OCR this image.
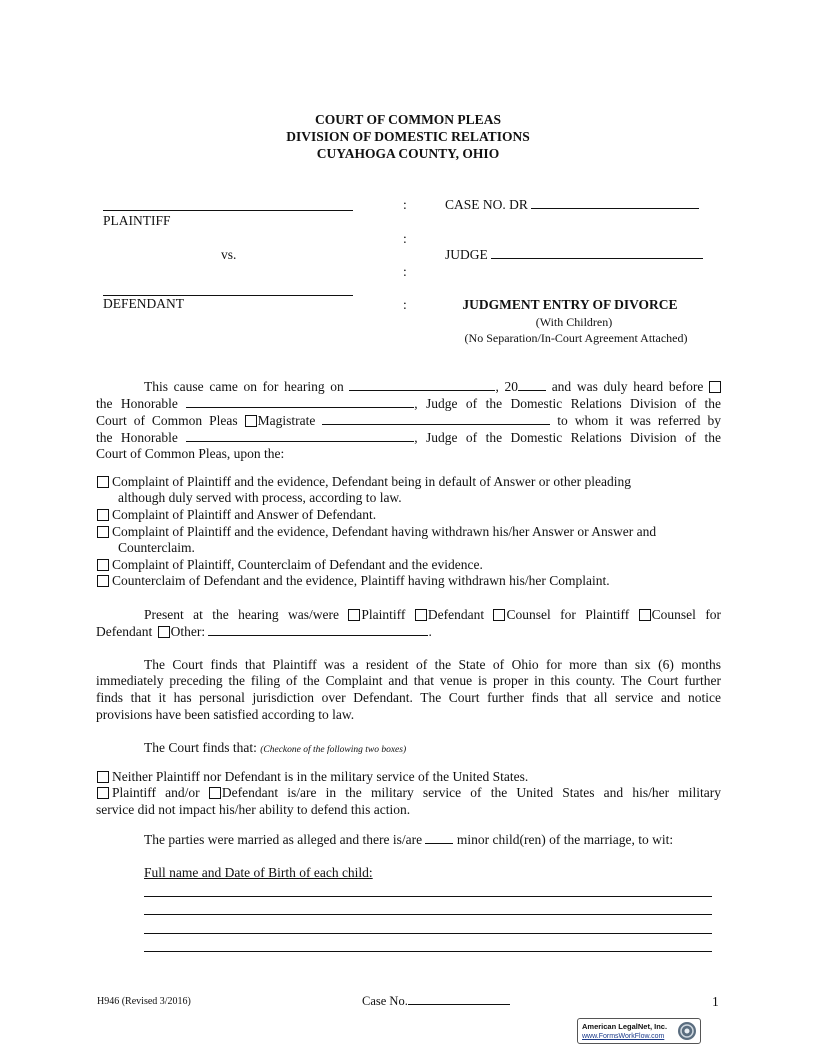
COURT OF COMMON PLEAS
DIVISION OF DOMESTIC RELATIONS
CUYAHOGA COUNTY, OHIO
PLAINTIFF
vs.
DEFENDANT
:
:
:
:
CASE NO. DR
JUDGE
JUDGMENT ENTRY OF DIVORCE
(With Children)
(No Separation/In-Court Agreement Attached)
This cause came on for hearing on	, 20 and was duly heard before
the Honorable	, Judge of the Domestic Relations Division of the
Court of Common Pleas Magistrate	to whom it was referred by
the Honorable	, Judge of the Domestic Relations Division of the
Court of Common Pleas, upon the:
Complaint of Plaintiff and the evidence, Defendant being in default of Answer or other pleading
although duly served with process, according to law.
Complaint of Plaintiff and Answer of Defendant.
Complaint of Plaintiff and the evidence, Defendant having withdrawn his/her Answer or Answer and
Counterclaim.
Complaint of Plaintiff, Counterclaim of Defendant and the evidence.
Counterclaim of Defendant and the evidence, Plaintiff having withdrawn his/her Complaint.
Present at the hearing was/were Plaintiff Defendant Counsel for Plaintiff Counsel for
Defendant Other:	.
The Court finds that Plaintiff was a resident of the State of Ohio for more than six (6) months
immediately preceding the filing of the Complaint and that venue is proper in this county. The Court further
finds that it has personal jurisdiction over Defendant. The Court further finds that all service and notice
provisions have been satisfied according to law.
The Court finds that: (Checkone of the following two boxes)
Neither Plaintiff nor Defendant is in the military service of the United States.
Plaintiff and/or Defendant is/are in the military service of the United States and his/her military
service did not impact his/her ability to defend this action.
The parties were married as alleged and there is/are	minor child(ren) of the marriage, to wit:
Full name and Date of Birth of each child:
H946 (Revised 3/2016)	Case No.	1
American LegalNet, Inc.
www.FormsWorkFlow.com
